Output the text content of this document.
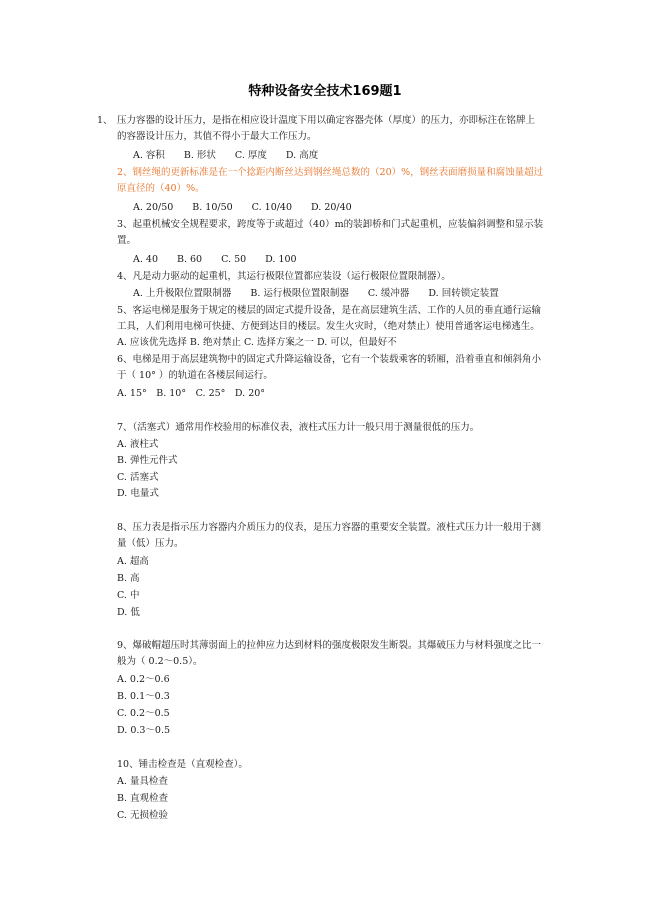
特种设备安全技术169题1
1、 压力容器的设计压力，是指在相应设计温度下用以确定容器壳体（厚度）的压力，亦即标注在铭牌上
的容器设计压力，其值不得小于最大工作压力。
A. 容积　　B. 形状　　C. 厚度　　D. 高度
2、钢丝绳的更新标准是在一个捻距内断丝达到钢丝绳总数的（20）%，钢丝表面磨损量和腐蚀量超过
原直径的（40）%。
A. 20/50　　B. 10/50　　C. 10/40　　D. 20/40
3、起重机械安全规程要求，跨度等于或超过（40）m的装卸桥和门式起重机，应装偏斜调整和显示装
置。
A. 40　　B. 60　　C. 50　　D. 100
4、凡是动力驱动的起重机，其运行极限位置都应装设（运行极限位置限制器）。
A. 上升极限位置限制器　　B. 运行极限位置限制器　　C. 缓冲器　　D. 回转锁定装置
5、客运电梯是服务于规定的楼层的固定式提升设备，是在高层建筑生活、工作的人员的垂直通行运输
工具，人们利用电梯可快捷、方便到达目的楼层。发生火灾时，（绝对禁止）使用普通客运电梯逃生。
A. 应该优先选择 B. 绝对禁止 C. 选择方案之一 D. 可以，但最好不
6、电梯是用于高层建筑物中的固定式升降运输设备，它有一个装载乘客的轿厢，沿着垂直和倾斜角小
于（ 10° ）的轨道在各楼层间运行。
A. 15°　B. 10°　C. 25°　D. 20°
7、（活塞式）通常用作校验用的标准仪表，液柱式压力计一般只用于测量很低的压力。
A. 液柱式
B. 弹性元件式
C. 活塞式
D. 电量式
8、压力表是指示压力容器内介质压力的仪表，是压力容器的重要安全装置。液柱式压力计一般用于测
量（低）压力。
A. 超高
B. 高
C. 中
D. 低
9、爆破帽超压时其薄弱面上的拉伸应力达到材料的强度极限发生断裂。其爆破压力与材料强度之比一
般为（ 0.2～0.5）。
A. 0.2～0.6
B. 0.1～0.3
C. 0.2～0.5
D. 0.3～0.5
10、锤击检查是（直观检查）。
A. 量具检查
B. 直观检查
C. 无损检验
